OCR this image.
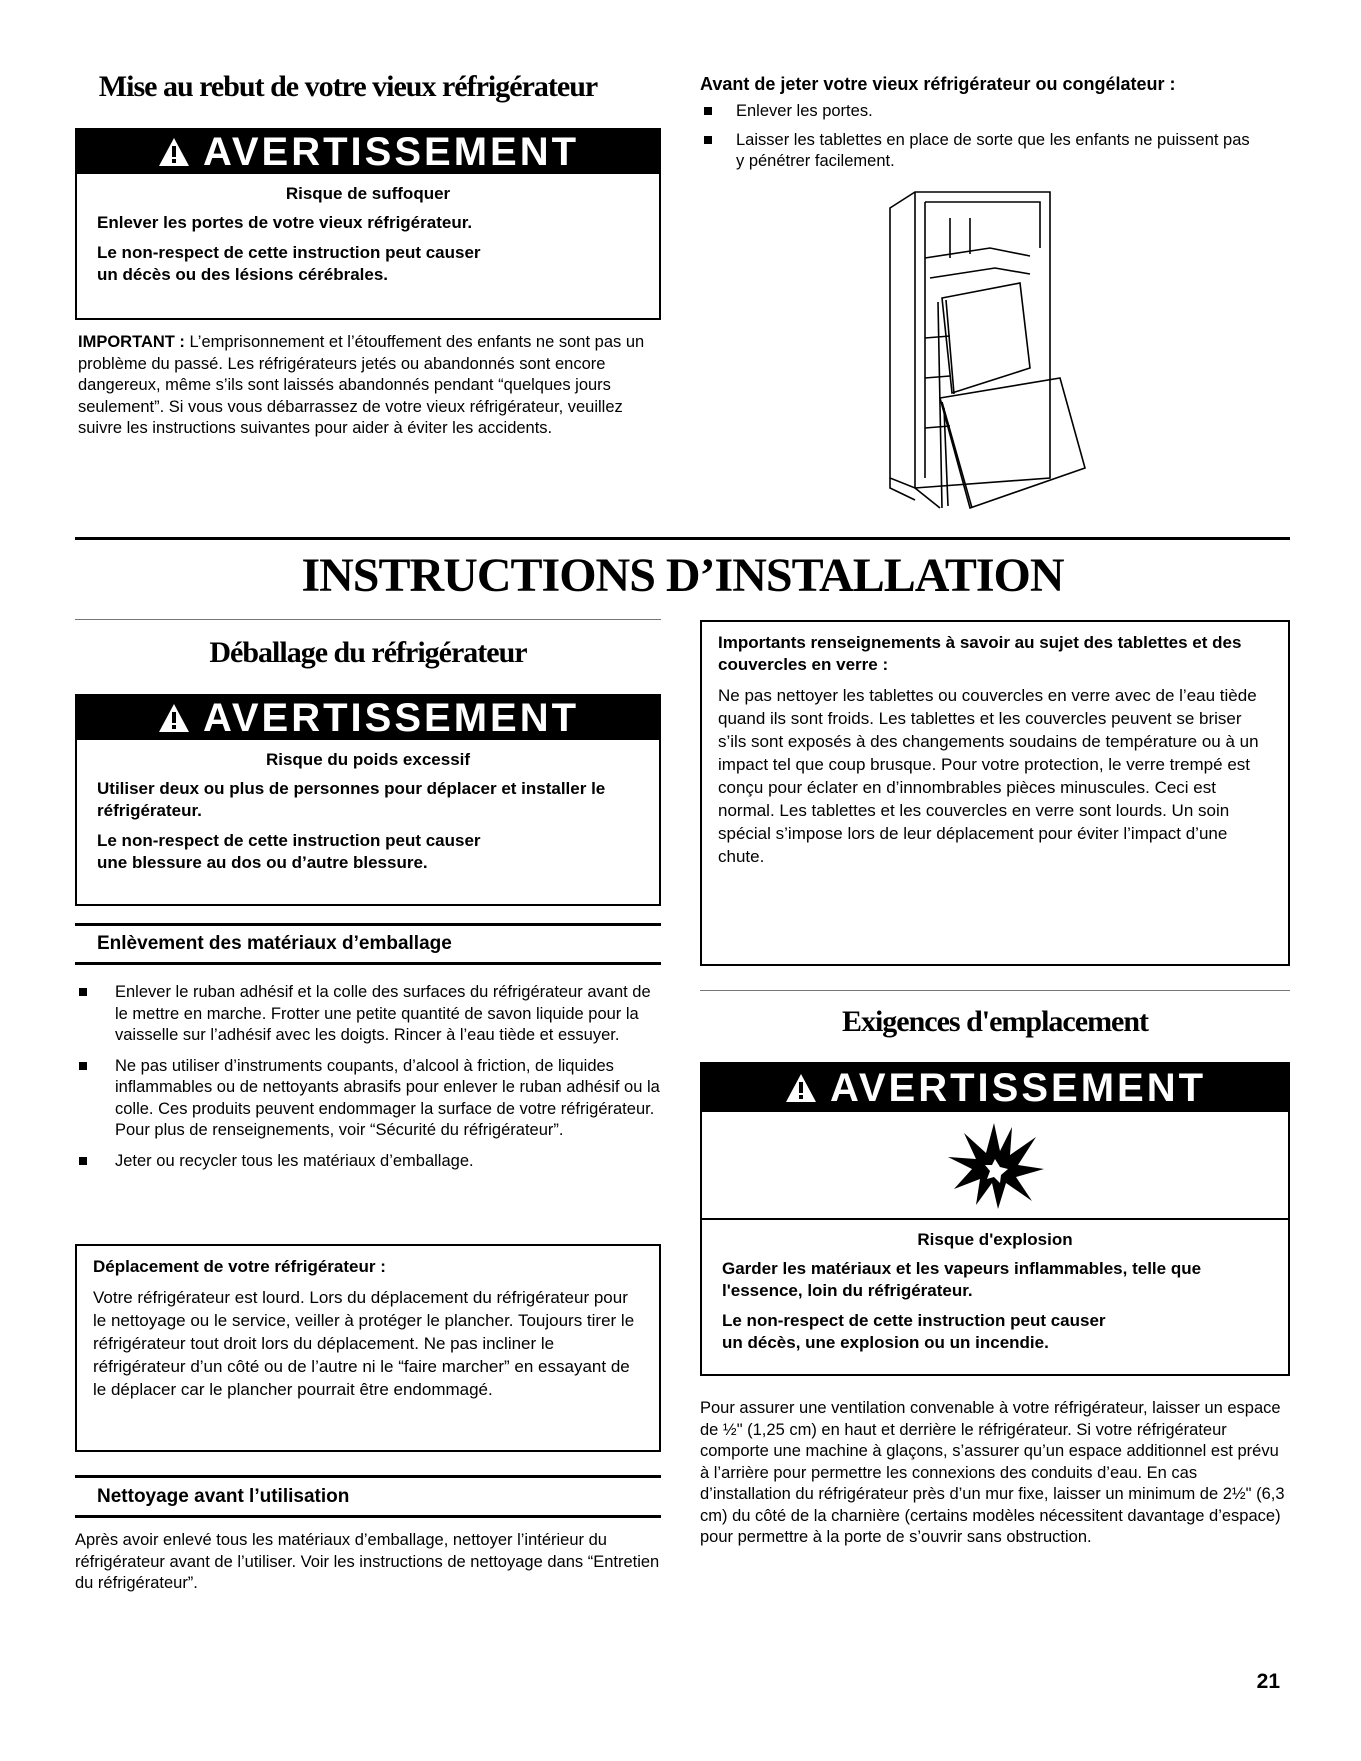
Mise au rebut de votre vieux réfrigérateur
AVERTISSEMENT

Risque de suffoquer

Enlever les portes de votre vieux réfrigérateur.

Le non-respect de cette instruction peut causer
un décès ou des lésions cérébrales.

IMPORTANT : L’emprisonnement et l’étouffement des enfants ne sont pas un problème du passé. Les réfrigérateurs jetés ou abandonnés sont encore dangereux, même s’ils sont laissés abandonnés pendant “quelques jours seulement”. Si vous vous débarrassez de votre vieux réfrigérateur, veuillez suivre les instructions suivantes pour aider à éviter les accidents.

Avant de jeter votre vieux réfrigérateur ou congélateur :

Enlever les portes.
Laisser les tablettes en place de sorte que les enfants ne puissent pas y pénétrer facilement.
INSTRUCTIONS D’INSTALLATION
Déballage du réfrigérateur
AVERTISSEMENT

Risque du poids excessif

Utiliser deux ou plus de personnes pour déplacer et installer le réfrigérateur.

Le non-respect de cette instruction peut causer
une blessure au dos ou d’autre blessure.

Enlèvement des matériaux d’emballage
Enlever le ruban adhésif et la colle des surfaces du réfrigérateur avant de le mettre en marche. Frotter une petite quantité de savon liquide pour la vaisselle sur l’adhésif avec les doigts. Rincer à l’eau tiède et essuyer.
Ne pas utiliser d’instruments coupants, d’alcool à friction, de liquides inflammables ou de nettoyants abrasifs pour enlever le ruban adhésif ou la colle. Ces produits peuvent endommager la surface de votre réfrigérateur. Pour plus de renseignements, voir “Sécurité du réfrigérateur”.
Jeter ou recycler tous les matériaux d’emballage.

Déplacement de votre réfrigérateur :

Votre réfrigérateur est lourd. Lors du déplacement du réfrigérateur pour le nettoyage ou le service, veiller à protéger le plancher. Toujours tirer le réfrigérateur tout droit lors du déplacement. Ne pas incliner le réfrigérateur d’un côté ou de l’autre ni le “faire marcher” en essayant de le déplacer car le plancher pourrait être endommagé.

Nettoyage avant l’utilisation

Après avoir enlevé tous les matériaux d’emballage, nettoyer l’intérieur du réfrigérateur avant de l’utiliser. Voir les instructions de nettoyage dans “Entretien du réfrigérateur”.

Importants renseignements à savoir au sujet des tablettes et des couvercles en verre :

Ne pas nettoyer les tablettes ou couvercles en verre avec de l’eau tiède quand ils sont froids. Les tablettes et les couvercles peuvent se briser s’ils sont exposés à des changements soudains de température ou à un impact tel que coup brusque. Pour votre protection, le verre trempé est conçu pour éclater en d’innombrables pièces minuscules. Ceci est normal. Les tablettes et les couvercles en verre sont lourds. Un soin spécial s’impose lors de leur déplacement pour éviter l’impact d’une chute.

Exigences d'emplacement
AVERTISSEMENT

Risque d'explosion

Garder les matériaux et les vapeurs inflammables, telle que l'essence, loin du réfrigérateur.

Le non-respect de cette instruction peut causer
un décès, une explosion ou un incendie.

Pour assurer une ventilation convenable à votre réfrigérateur, laisser un espace de ½" (1,25 cm) en haut et derrière le réfrigérateur. Si votre réfrigérateur comporte une machine à glaçons, s’assurer qu’un espace additionnel est prévu à l’arrière pour permettre les connexions des conduits d’eau. En cas d’installation du réfrigérateur près d’un mur fixe, laisser un minimum de 2½" (6,3 cm) du côté de la charnière (certains modèles nécessitent davantage d’espace) pour permettre à la porte de s’ouvrir sans obstruction.

21
